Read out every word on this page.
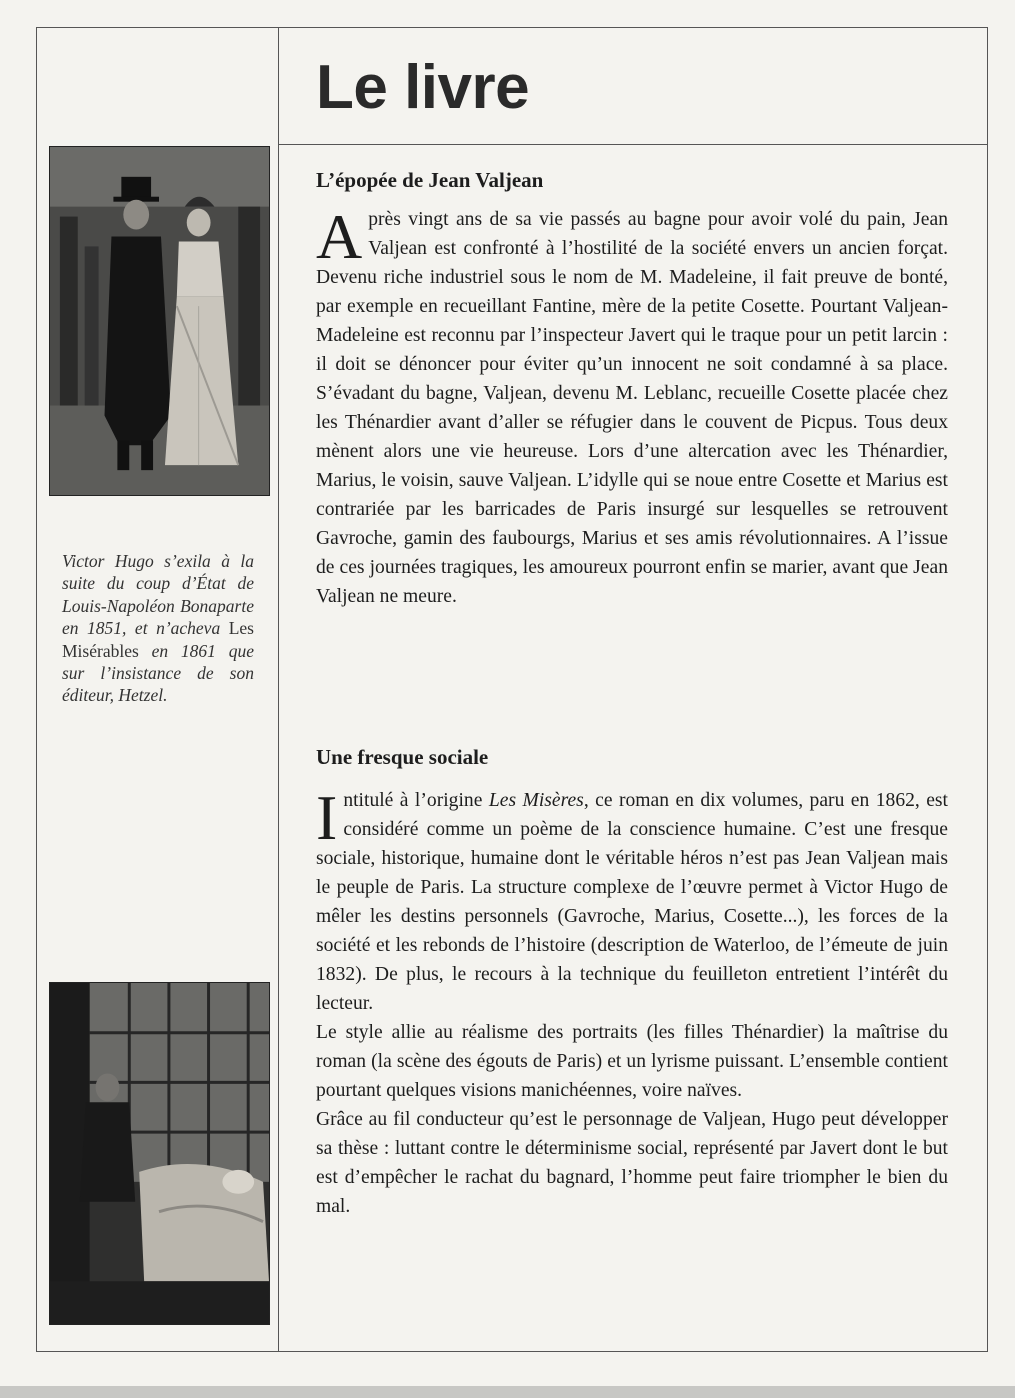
Le livre

Victor Hugo s’exila à la suite du coup d’État de Louis-Napoléon Bonaparte en 1851, et n’acheva Les Misérables en 1861 que sur l’insistance de son éditeur, Hetzel.

L’épopée de Jean Valjean

Après vingt ans de sa vie passés au bagne pour avoir volé du pain, Jean Valjean est confronté à l’hostilité de la société envers un ancien forçat. Devenu riche industriel sous le nom de M. Madeleine, il fait preuve de bonté, par exemple en recueillant Fantine, mère de la petite Cosette. Pourtant Valjean-Madeleine est reconnu par l’inspecteur Javert qui le traque pour un petit larcin : il doit se dénoncer pour éviter qu’un innocent ne soit condamné à sa place. S’évadant du bagne, Valjean, devenu M. Leblanc, recueille Cosette placée chez les Thénardier avant d’aller se réfugier dans le couvent de Picpus. Tous deux mènent alors une vie heureuse. Lors d’une altercation avec les Thénardier, Marius, le voisin, sauve Valjean. L’idylle qui se noue entre Cosette et Marius est contrariée par les barricades de Paris insurgé sur lesquelles se retrouvent Gavroche, gamin des faubourgs, Marius et ses amis révolutionnaires. A l’issue de ces journées tragiques, les amoureux pourront enfin se marier, avant que Jean Valjean ne meure.

Une fresque sociale

Intitulé à l’origine Les Misères, ce roman en dix volumes, paru en 1862, est considéré comme un poème de la conscience humaine. C’est une fresque sociale, historique, humaine dont le véritable héros n’est pas Jean Valjean mais le peuple de Paris. La structure complexe de l’œuvre permet à Victor Hugo de mêler les destins personnels (Gavroche, Marius, Cosette...), les forces de la société et les rebonds de l’histoire (description de Waterloo, de l’émeute de juin 1832). De plus, le recours à la technique du feuilleton entretient l’intérêt du lecteur.

Le style allie au réalisme des portraits (les filles Thénardier) la maîtrise du roman (la scène des égouts de Paris) et un lyrisme puissant. L’ensemble contient pourtant quelques visions manichéennes, voire naïves.

Grâce au fil conducteur qu’est le personnage de Valjean, Hugo peut développer sa thèse : luttant contre le déterminisme social, représenté par Javert dont le but est d’empêcher le rachat du bagnard, l’homme peut faire triompher le bien du mal.
